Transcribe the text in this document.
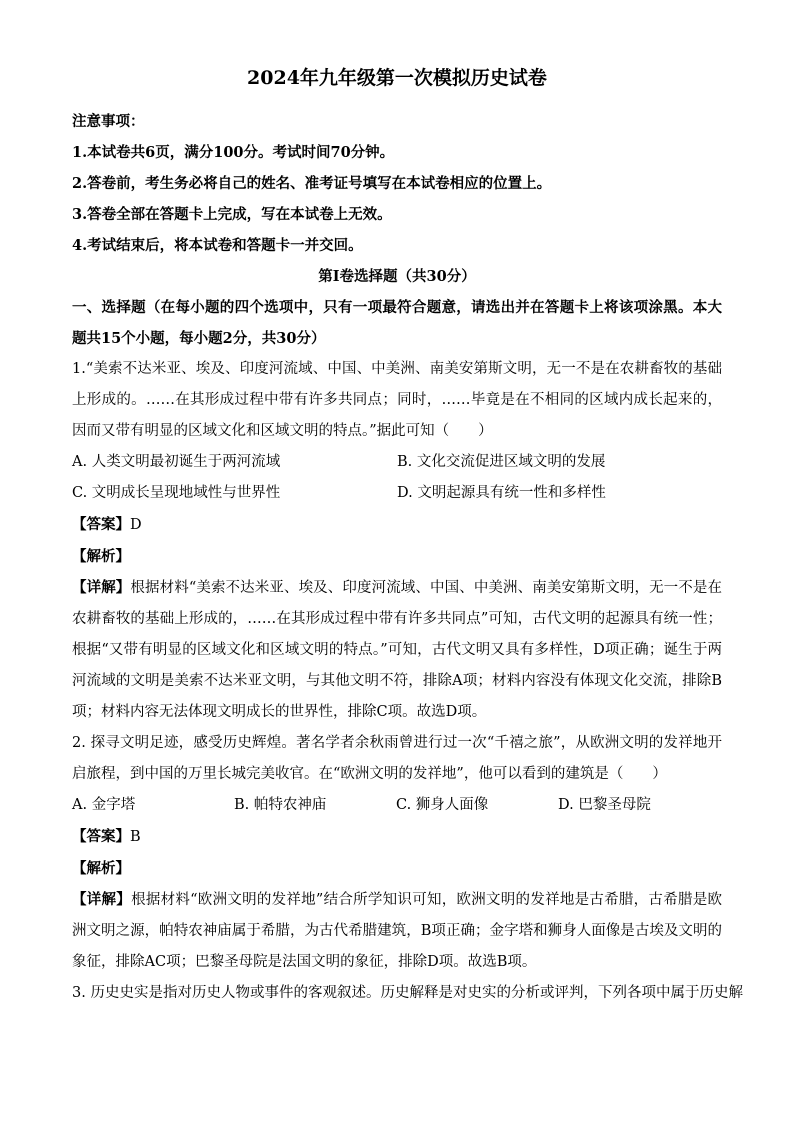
2024年九年级第一次模拟历史试卷
注意事项：
1.本试卷共6页，满分100分。考试时间70分钟。
2.答卷前，考生务必将自己的姓名、准考证号填写在本试卷相应的位置上。
3.答卷全部在答题卡上完成，写在本试卷上无效。
4.考试结束后，将本试卷和答题卡一并交回。
第Ⅰ卷选择题（共30分）
一、选择题（在每小题的四个选项中，只有一项最符合题意，请选出并在答题卡上将该项涂黑。本大题共15个小题，每小题2分，共30分）
1.“美索不达米亚、埃及、印度河流域、中国、中美洲、南美安第斯文明，无一不是在农耕畜牧的基础上形成的。……在其形成过程中带有许多共同点；同时，……毕竟是在不相同的区域内成长起来的，因而又带有明显的区域文化和区域文明的特点。”据此可知（　　）
A. 人类文明最初诞生于两河流域	B. 文化交流促进区域文明的发展
C. 文明成长呈现地域性与世界性	D. 文明起源具有统一性和多样性
【答案】D
【解析】
【详解】根据材料“美索不达米亚、埃及、印度河流域、中国、中美洲、南美安第斯文明，无一不是在农耕畜牧的基础上形成的，……在其形成过程中带有许多共同点”可知，古代文明的起源具有统一性；根据“又带有明显的区域文化和区域文明的特点。”可知，古代文明又具有多样性，D项正确；诞生于两河流域的文明是美索不达米亚文明，与其他文明不符，排除A项；材料内容没有体现文化交流，排除B项；材料内容无法体现文明成长的世界性，排除C项。故选D项。
2. 探寻文明足迹，感受历史辉煌。著名学者余秋雨曾进行过一次“千禧之旅”，从欧洲文明的发祥地开启旅程，到中国的万里长城完美收官。在“欧洲文明的发祥地”，他可以看到的建筑是（　　）
A. 金字塔	B. 帕特农神庙	C. 狮身人面像	D. 巴黎圣母院
【答案】B
【解析】
【详解】根据材料“欧洲文明的发祥地”结合所学知识可知，欧洲文明的发祥地是古希腊，古希腊是欧洲文明之源，帕特农神庙属于希腊，为古代希腊建筑，B项正确；金字塔和狮身人面像是古埃及文明的象征，排除AC项；巴黎圣母院是法国文明的象征，排除D项。故选B项。
3. 历史史实是指对历史人物或事件的客观叙述。历史解释是对史实的分析或评判，下列各项中属于历史解
